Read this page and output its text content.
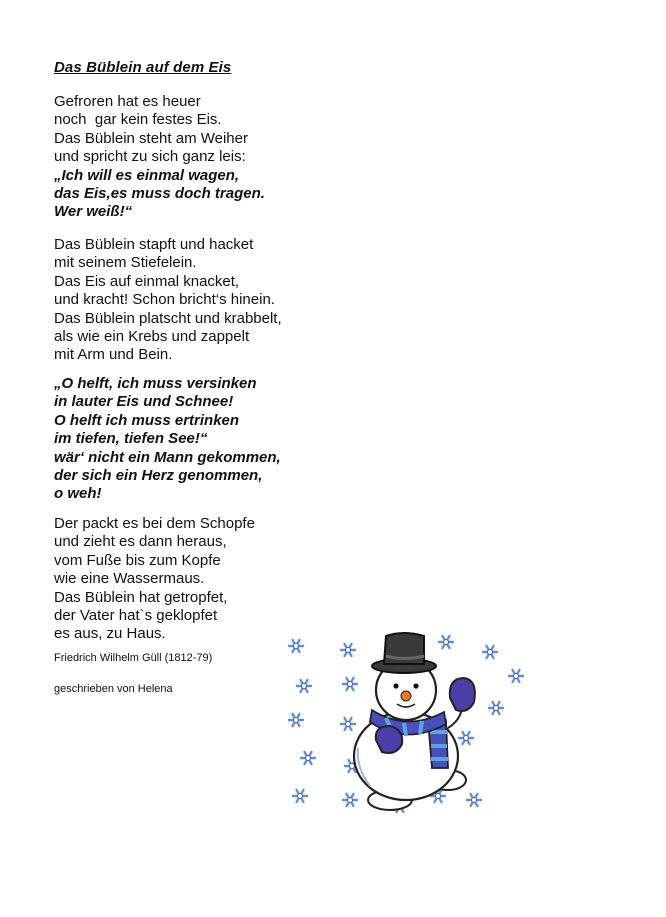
Das Büblein auf dem Eis
Gefroren hat es heuer
noch  gar kein festes Eis.
Das Büblein steht am Weiher
und spricht zu sich ganz leis:
„Ich will es einmal wagen,
das Eis,es muss doch tragen.
Wer weiß!“
Das Büblein stapft und hacket
mit seinem Stiefelein.
Das Eis auf einmal knacket,
und kracht! Schon bricht‘s hinein.
Das Büblein platscht und krabbelt,
als wie ein Krebs und zappelt
mit Arm und Bein.
„O helft, ich muss versinken
in lauter Eis und Schnee!
O helft ich muss ertrinken
im tiefen, tiefen See!“
wär‘ nicht ein Mann gekommen,
der sich ein Herz genommen,
o weh!
Der packt es bei dem Schopfe
und zieht es dann heraus,
vom Fuße bis zum Kopfe
wie eine Wassermaus.
Das Büblein hat getropfet,
der Vater hat`s geklopfet
es aus, zu Haus.
Friedrich Wilhelm Güll (1812-79)
geschrieben von Helena
